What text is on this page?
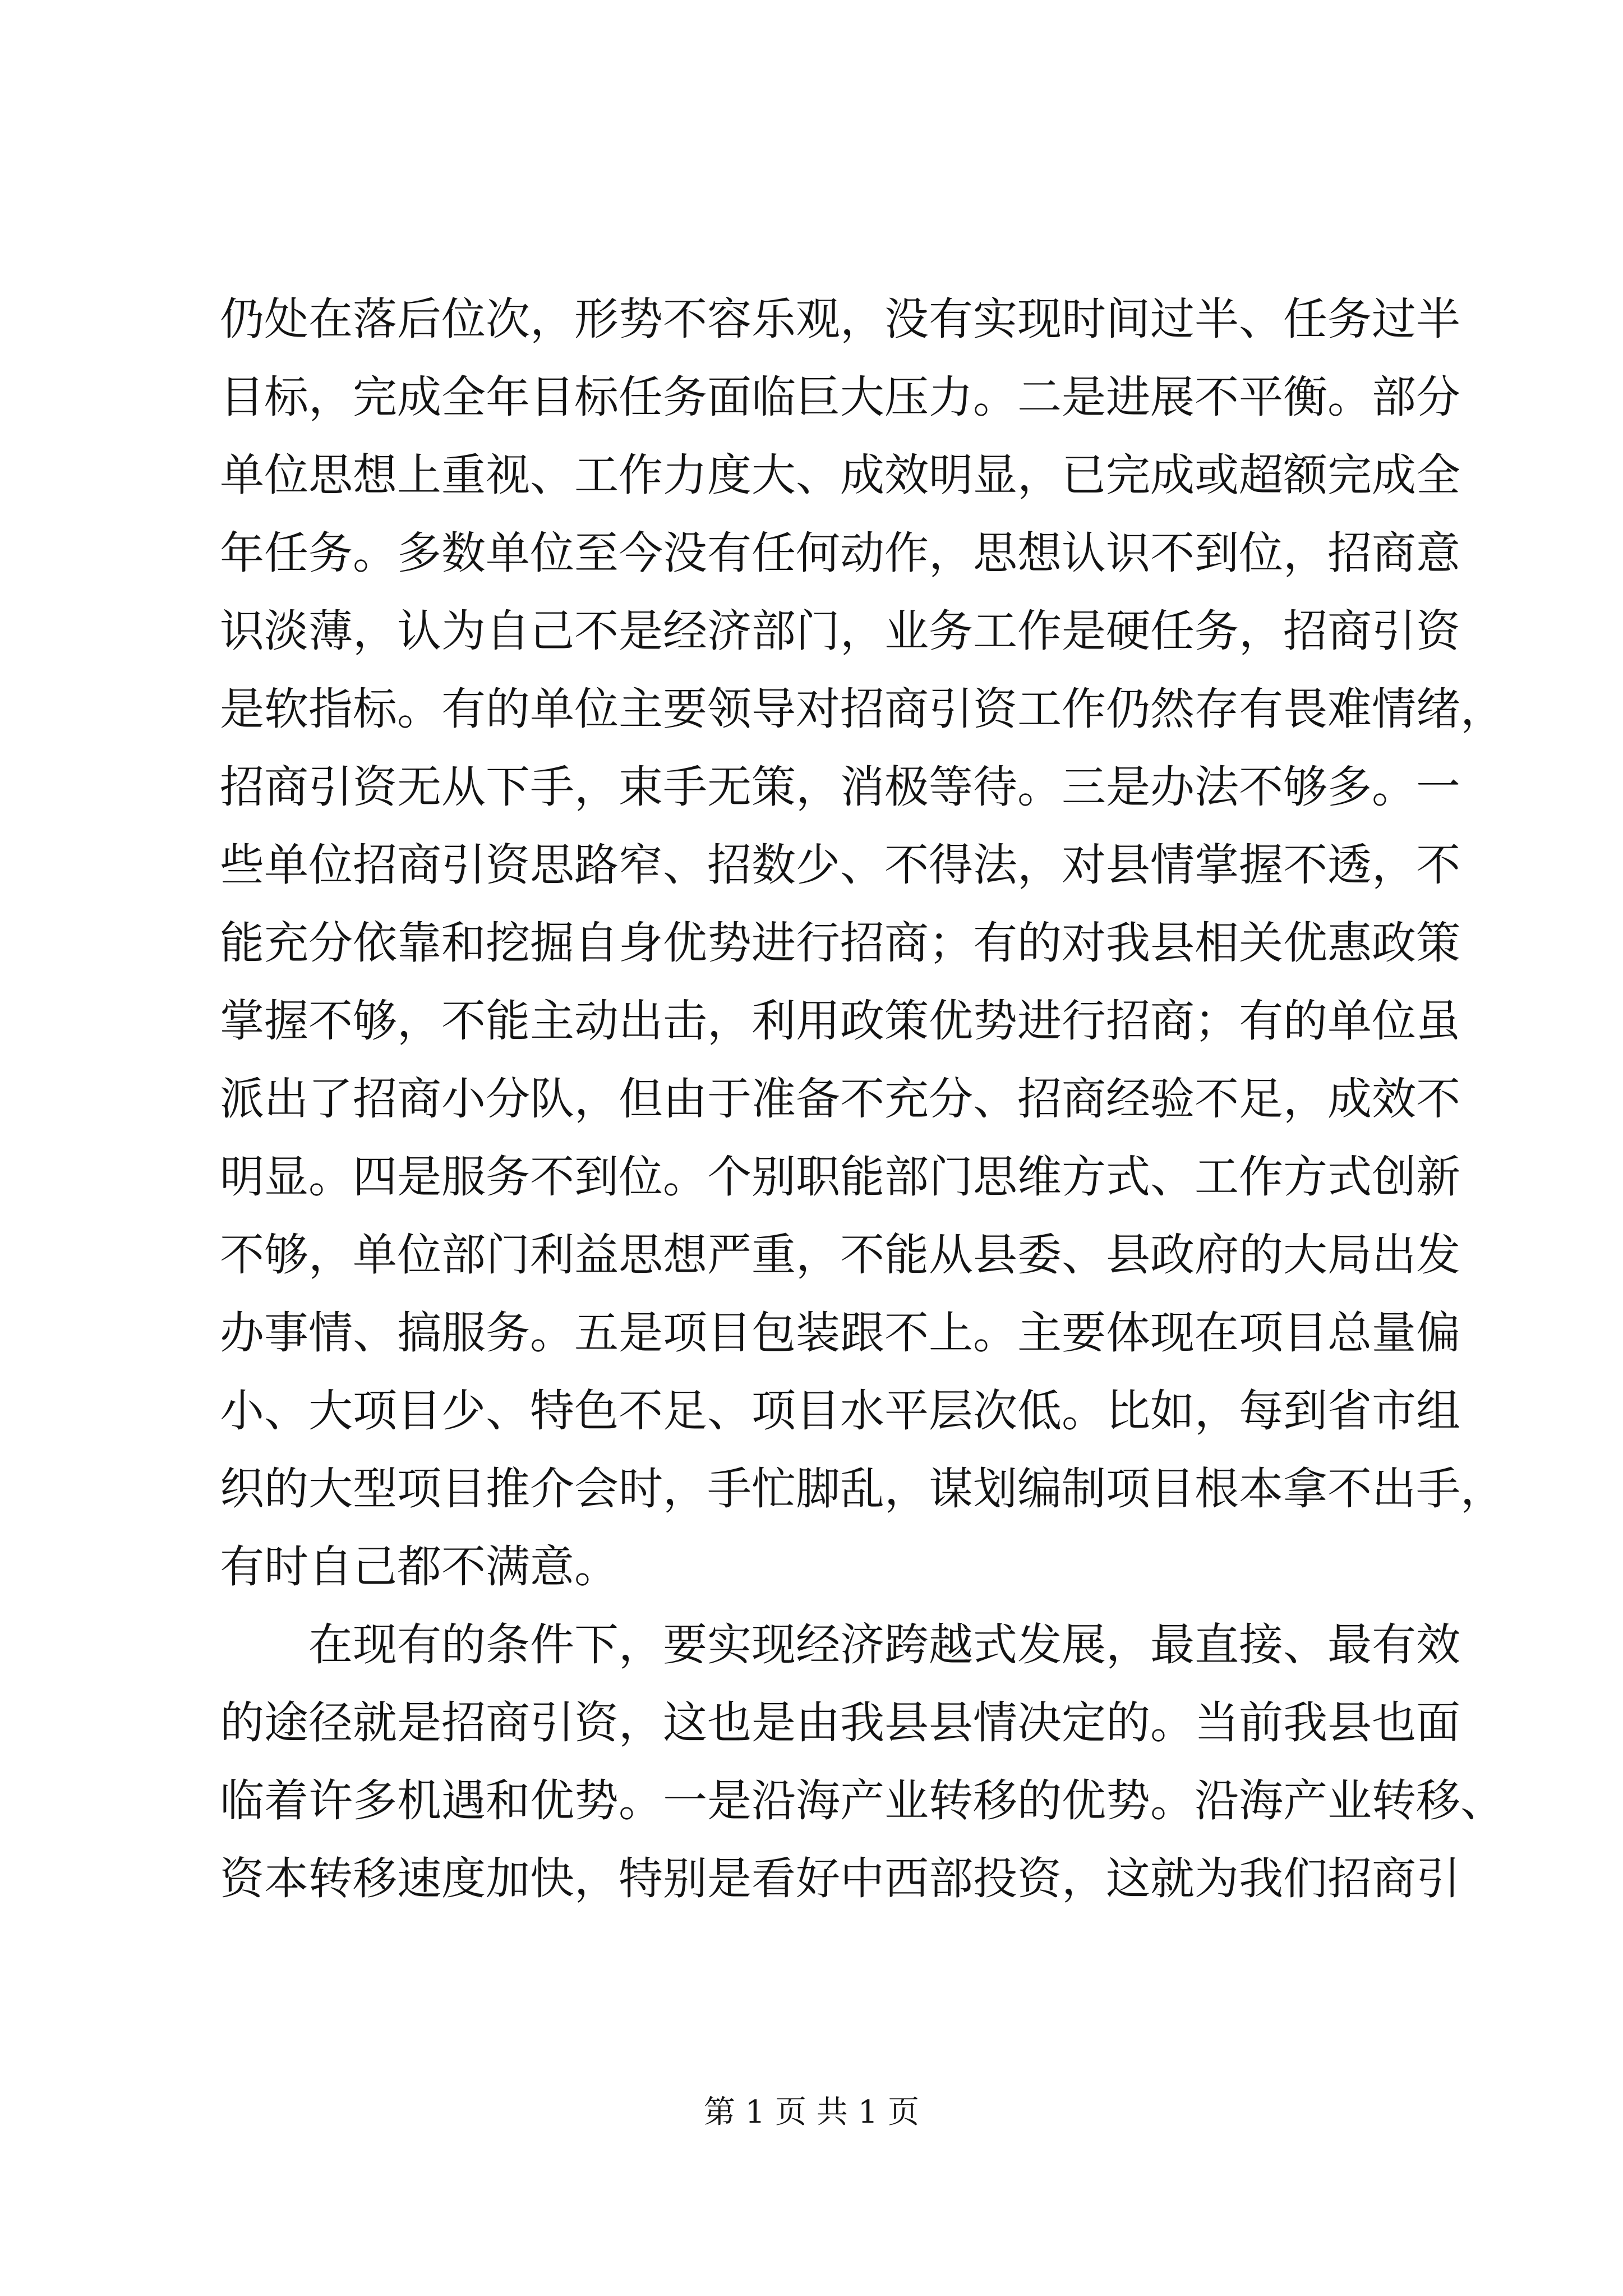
仍处在落后位次，形势不容乐观，没有实现时间过半、任务过半
目标，完成全年目标任务面临巨大压力。二是进展不平衡。部分
单位思想上重视、工作力度大、成效明显，已完成或超额完成全
年任务。多数单位至今没有任何动作，思想认识不到位，招商意
识淡薄，认为自己不是经济部门，业务工作是硬任务，招商引资
是软指标。有的单位主要领导对招商引资工作仍然存有畏难情绪，
招商引资无从下手，束手无策，消极等待。三是办法不够多。一
些单位招商引资思路窄、招数少、不得法，对县情掌握不透，不
能充分依靠和挖掘自身优势进行招商；有的对我县相关优惠政策
掌握不够，不能主动出击，利用政策优势进行招商；有的单位虽
派出了招商小分队，但由于准备不充分、招商经验不足，成效不
明显。四是服务不到位。个别职能部门思维方式、工作方式创新
不够，单位部门利益思想严重，不能从县委、县政府的大局出发
办事情、搞服务。五是项目包装跟不上。主要体现在项目总量偏
小、大项目少、特色不足、项目水平层次低。比如，每到省市组
织的大型项目推介会时，手忙脚乱，谋划编制项目根本拿不出手，
有时自己都不满意。
在现有的条件下，要实现经济跨越式发展，最直接、最有效
的途径就是招商引资，这也是由我县县情决定的。当前我县也面
临着许多机遇和优势。一是沿海产业转移的优势。沿海产业转移、
资本转移速度加快，特别是看好中西部投资，这就为我们招商引
第 1 页 共 1 页
